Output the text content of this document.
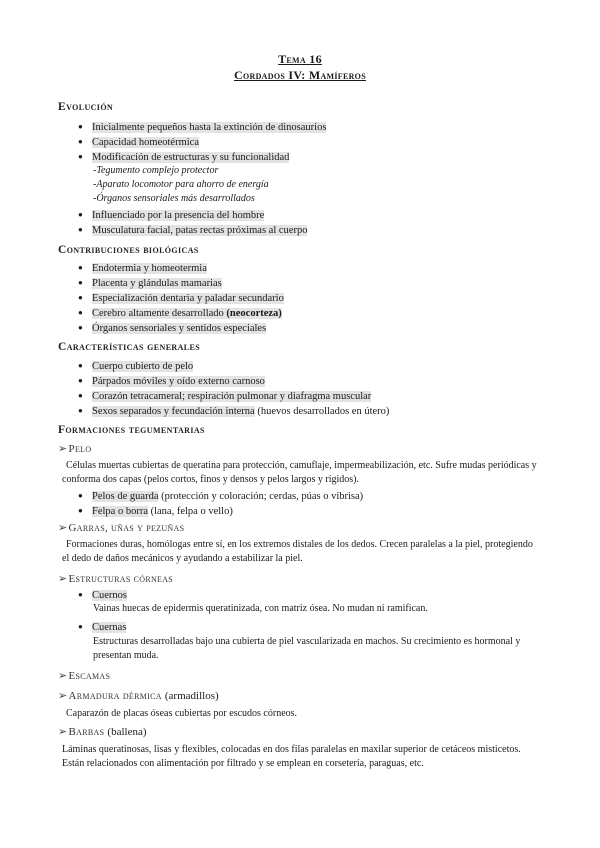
Tema 16
Cordados IV: Mamíferos
Evolución
● Inicialmente pequeños hasta la extinción de dinosaurios
● Capacidad homeotérmica
● Modificación de estructuras y su funcionalidad
-Tegumento complejo protector
-Aparato locomotor para ahorro de energía
-Órganos sensoriales más desarrollados
● Influenciado por la presencia del hombre
● Musculatura facial, patas rectas próximas al cuerpo
Contribuciones biológicas
● Endotermia y homeotermia
● Placenta y glándulas mamarias
● Especialización dentaria y paladar secundario
● Cerebro altamente desarrollado (neocorteza)
● Órganos sensoriales y sentidos especiales
Características generales
● Cuerpo cubierto de pelo
● Párpados móviles y oído externo carnoso
● Corazón tetracameral; respiración pulmonar y diafragma muscular
● Sexos separados y fecundación interna (huevos desarrollados en útero)
Formaciones tegumentarias
➢Pelo
Células muertas cubiertas de queratina para protección, camuflaje, impermeabilización, etc. Sufre mudas periódicas y conforma dos capas (pelos cortos, finos y densos y pelos largos y rígidos).
● Pelos de guarda (protección y coloración; cerdas, púas o vibrisa)
● Felpa o borra (lana, felpa o vello)
➢Garras, uñas y pezuñas
Formaciones duras, homólogas entre sí, en los extremos distales de los dedos. Crecen paralelas a la piel, protegiendo el dedo de daños mecánicos y ayudando a estabilizar la piel.
➢Estructuras córneas
● Cuernos
Vainas huecas de epidermis queratinizada, con matriz ósea. No mudan ni ramifican.
● Cuernas
Estructuras desarrolladas bajo una cubierta de piel vascularizada en machos. Su crecimiento es hormonal y presentan muda.
➢Escamas
➢Armadura dérmica (armadillos)
Caparazón de placas óseas cubiertas por escudos córneos.
➢Barbas (ballena)
Láminas queratinosas, lisas y flexibles, colocadas en dos filas paralelas en maxilar superior de cetáceos misticetos. Están relacionados con alimentación por filtrado y se emplean en corsetería, paraguas, etc.
